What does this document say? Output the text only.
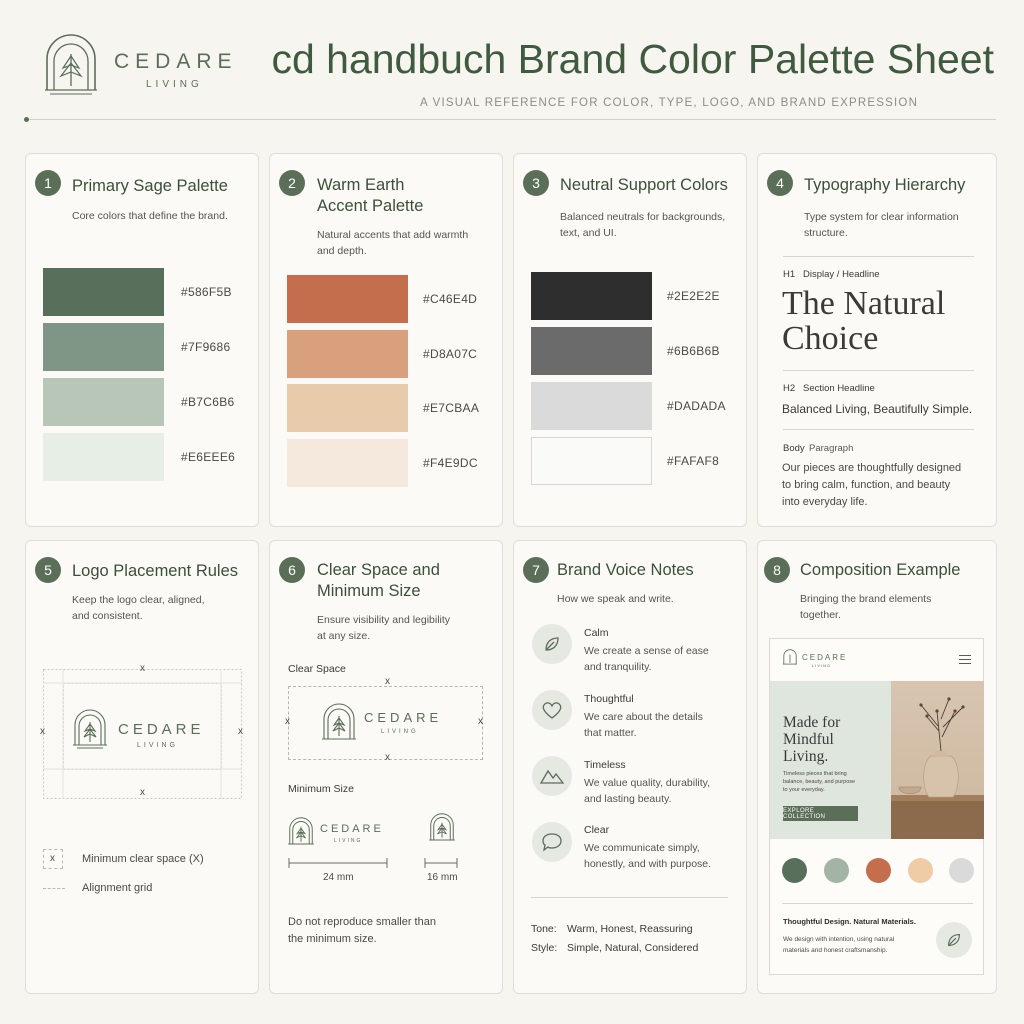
CEDARE
LIVING
cd handbuch Brand Color Palette Sheet
A VISUAL REFERENCE FOR COLOR, TYPE, LOGO, AND BRAND EXPRESSION
1	Primary Sage Palette
Core colors that define the brand.
#586F5B
#7F9686
#B7C6B6
#E6EEE6
2	Warm Earth
Accent Palette
Natural accents that add warmth
and depth.
#C46E4D
#D8A07C
#E7CBAA
#F4E9DC
3	Neutral Support Colors
Balanced neutrals for backgrounds,
text, and UI.
#2E2E2E
#6B6B6B
#DADADA
#FAFAF8
4	Typography Hierarchy
Type system for clear information
structure.
H1 Display / Headline
The Natural
Choice
H2 Section Headline
Balanced Living, Beautifully Simple.
Body Paragraph
Our pieces are thoughtfully designed
to bring calm, function, and beauty
into everyday life.
5	Logo Placement Rules
Keep the logo clear, aligned,
and consistent.
CEDARE
LIVING
x
x
x	x
x Minimum clear space (X)
Alignment grid
6	Clear Space and
Minimum Size
Ensure visibility and legibility
at any size.
Clear Space
CEDARE
LIVING
x
x
x	x
Minimum Size
CEDARE
LIVING
24 mm	16 mm
Do not reproduce smaller than
the minimum size.
7	Brand Voice Notes
How we speak and write.
Calm
We create a sense of ease
and tranquility.
Thoughtful
We care about the details
that matter.
Timeless
We value quality, durability,
and lasting beauty.
Clear
We communicate simply,
honestly, and with purpose.
Tone: Warm, Honest, Reassuring
Style: Simple, Natural, Considered
8	Composition Example
Bringing the brand elements
together.
CEDARE
LIVING
Made for
Mindful
Living.
Timeless pieces that bring
balance, beauty, and purpose
to your everyday.
EXPLORE COLLECTION
Thoughtful Design. Natural Materials.
We design with intention, using natural
materials and honest craftsmanship.
